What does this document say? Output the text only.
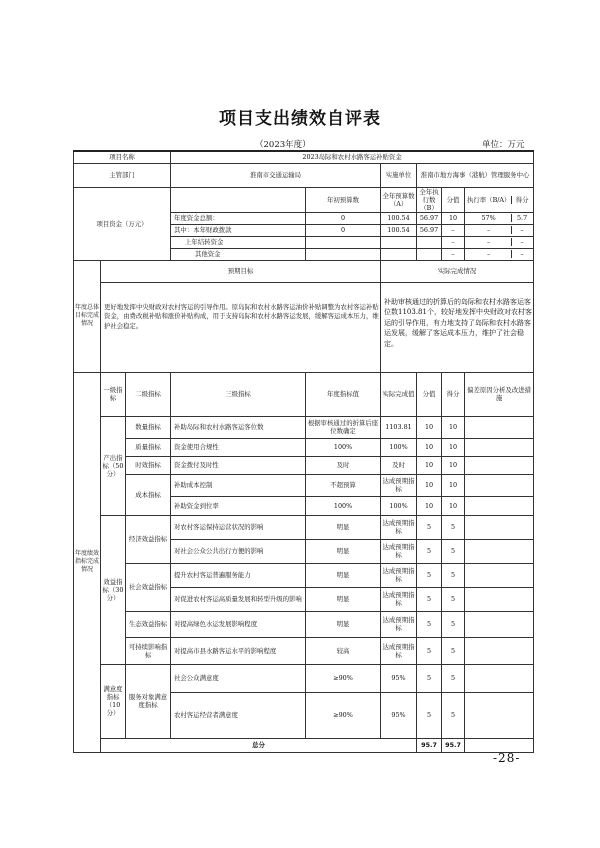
项目支出绩效自评表
（2023年度）	单位：万元
项目名称			2023岛际和农村水路客运补贴资金					
主管部门			淮南市交通运输局		实施单位	淮南市地方海事（港航）管理服务中心		
项目资金（万元）				年初预算数	全年预算数（A）	全年执行数（B）	分值	执行率（B/A） 得分

			年度资金总额：	0	100.54	56.97	10	57% 5.7

			其中：本年财政拨款	0	100.54	56.97	–	– –

			上年结转资金				–	– –

			其他资金				–	– –

年度总体目标完成情况	预期目标				实际完成情况			
	更好地发挥中央财政对农村客运的引导作用。原岛际和农村水路客运油价补贴调整为农村客运补贴资金，由费改税补贴和涨价补贴构成，用于支持岛际和农村水路客运发展，缓解客运成本压力，维护社会稳定。				补助审核通过的折算后的岛际和农村水路客运客位数1103.81个，较好地发挥中央财政对农村客运的引导作用，有力地支持了岛际和农村水路客运发展，缓解了客运成本压力，维护了社会稳定。			
年度绩效指标完成情况	一级指标	二级指标	三级指标	年度指标值	实际完成值	分值	得分	偏差原因分析及改进措施
	产出指标（50分）	数量指标	补助岛际和农村水路客运客位数	根据审核通过的折算后座位数确定	1103.81	10	10	
		质量指标	资金使用合规性	100%	100%	10	10	
		时效指标	资金拨付及时性	及时	及时	10	10	
		成本指标	补助成本控制	不超预算	达成预期指标	10	10	
			补助资金到位率	100%	100%	10	10	
	效益指标（30分）	经济效益指标	对农村客运保持运营状况的影响	明显	达成预期指标	5	5	
			对社会公众公共出行方便的影响	明显	达成预期指标	5	5	
		社会效益指标	提升农村客运普遍服务能力	明显	达成预期指标	5	5	
			对促进农村客运高质量发展和转型升级的影响	明显	达成预期指标	5	5	
		生态效益指标	对提高绿色水运发展影响程度	明显	达成预期指标	5	5	
		可持续影响指标	对提高市县水路客运水平的影响程度	较高	达成预期指标	5	5	
	满意度指标（10分）	服务对象满意度指标	社会公众满意度	≥90%	95%	5	5	
			农村客运经营者满意度	≥90%	95%	5	5	
	总分					95.7	95.7	
-28-
